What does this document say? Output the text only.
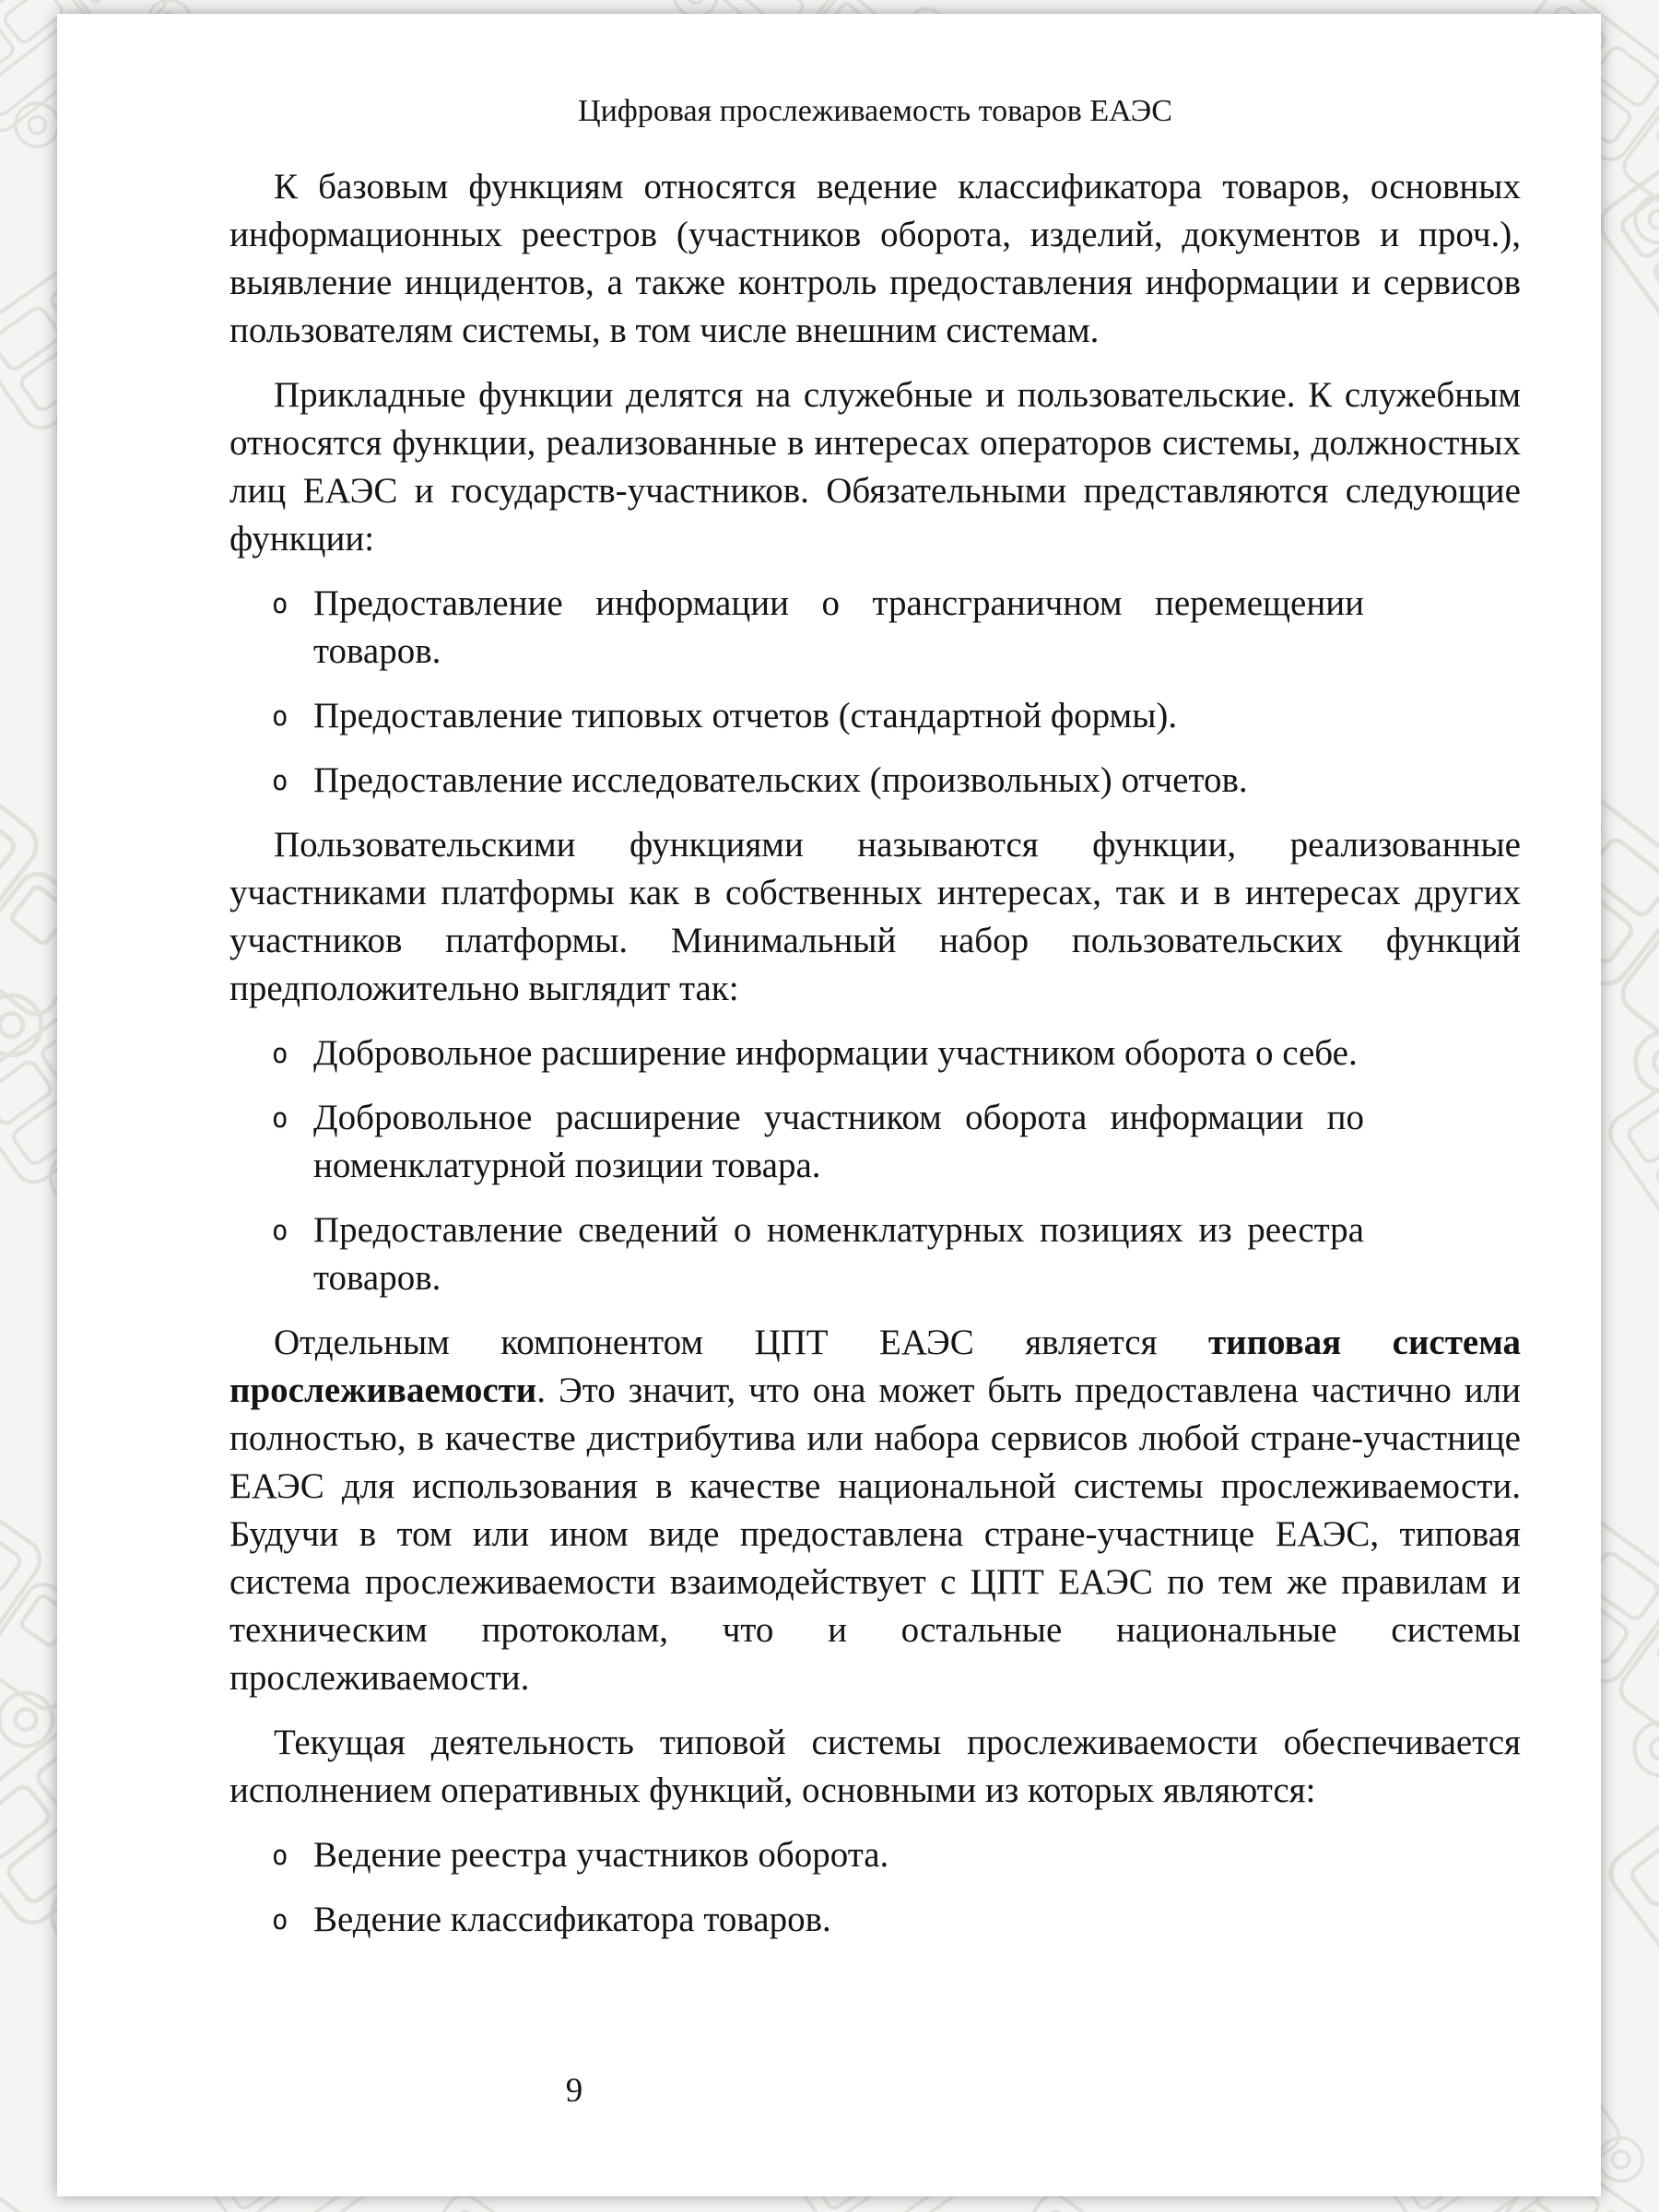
Цифровая прослеживаемость товаров ЕАЭС

К базовым функциям относятся ведение классификатора товаров, основных информационных реестров (участников оборота, изделий, документов и проч.), выявление инцидентов, а также контроль предоставления информации и сервисов пользователям системы, в том числе внешним системам.

Прикладные функции делятся на служебные и пользовательские. К служебным относятся функции, реализованные в интересах операторов системы, должностных лиц ЕАЭС и государств-участников. Обязательными представляются следующие функции:

o Предоставление информации о трансграничном перемещении товаров.
o Предоставление типовых отчетов (стандартной формы).
o Предоставление исследовательских (произвольных) отчетов.

Пользовательскими функциями называются функции, реализованные участниками платформы как в собственных интересах, так и в интересах других участников платформы. Минимальный набор пользовательских функций предположительно выглядит так:

o Добровольное расширение информации участником оборота о себе.
o Добровольное расширение участником оборота информации по номенклатурной позиции товара.
o Предоставление сведений о номенклатурных позициях из реестра товаров.

Отдельным компонентом ЦПТ ЕАЭС является типовая система прослеживаемости. Это значит, что она может быть предоставлена частично или полностью, в качестве дистрибутива или набора сервисов любой стране-участнице ЕАЭС для использования в качестве национальной системы прослеживаемости. Будучи в том или ином виде предоставлена стране-участнице ЕАЭС, типовая система прослеживаемости взаимодействует с ЦПТ ЕАЭС по тем же правилам и техническим протоколам, что и остальные национальные системы прослеживаемости.

Текущая деятельность типовой системы прослеживаемости обеспечивается исполнением оперативных функций, основными из которых являются:

o Ведение реестра участников оборота.
o Ведение классификатора товаров.
9
